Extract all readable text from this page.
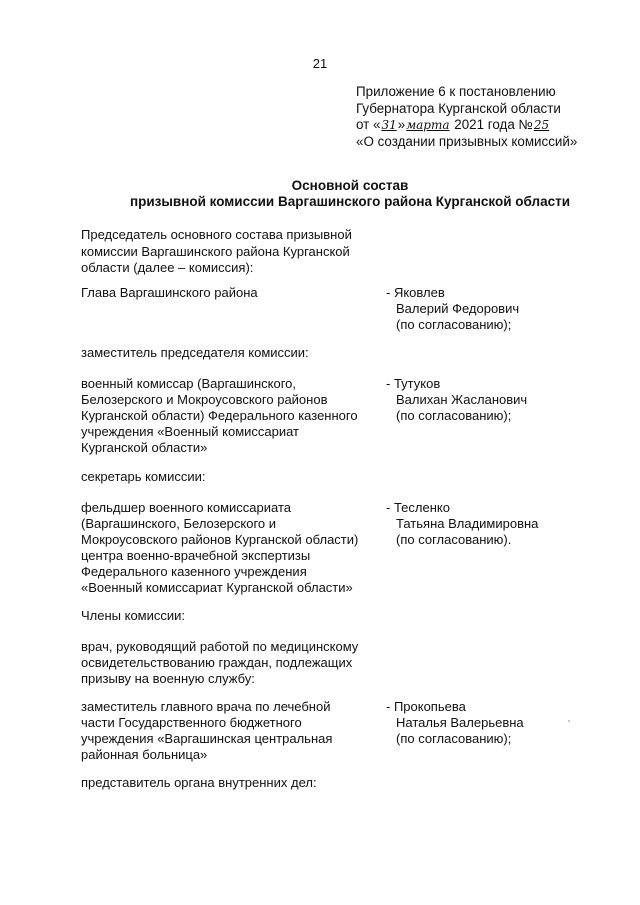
21
Приложение 6 к постановлению
Губернатора Курганской области
от «31»марта 2021 года №25
«О создании призывных комиссий»
Основной состав
призывной комиссии Варгашинского района Курганской области
Председатель основного состава призывной
комиссии Варгашинского района Курганской
области (далее – комиссия):
Глава Варгашинского района	- Яковлев
Валерий Федорович
(по согласованию);
заместитель председателя комиссии:
военный комиссар (Варгашинского,
Белозерского и Мокроусовского районов
Курганской области) Федерального казенного
учреждения «Военный комиссариат
Курганской области»
- Тутуков
Валихан Жасланович
(по согласованию);
секретарь комиссии:
фельдшер военного комиссариата
(Варгашинского, Белозерского и
Мокроусовского районов Курганской области)
центра военно-врачебной экспертизы
Федерального казенного учреждения
«Военный комиссариат Курганской области»
- Тесленко
Татьяна Владимировна
(по согласованию).
Члены комиссии:
врач, руководящий работой по медицинскому
освидетельствованию граждан, подлежащих
призыву на военную службу:
заместитель главного врача по лечебной
части Государственного бюджетного
учреждения «Варгашинская центральная
районная больница»
- Прокопьева
Наталья Валерьевна
(по согласованию);
представитель органа внутренних дел:
